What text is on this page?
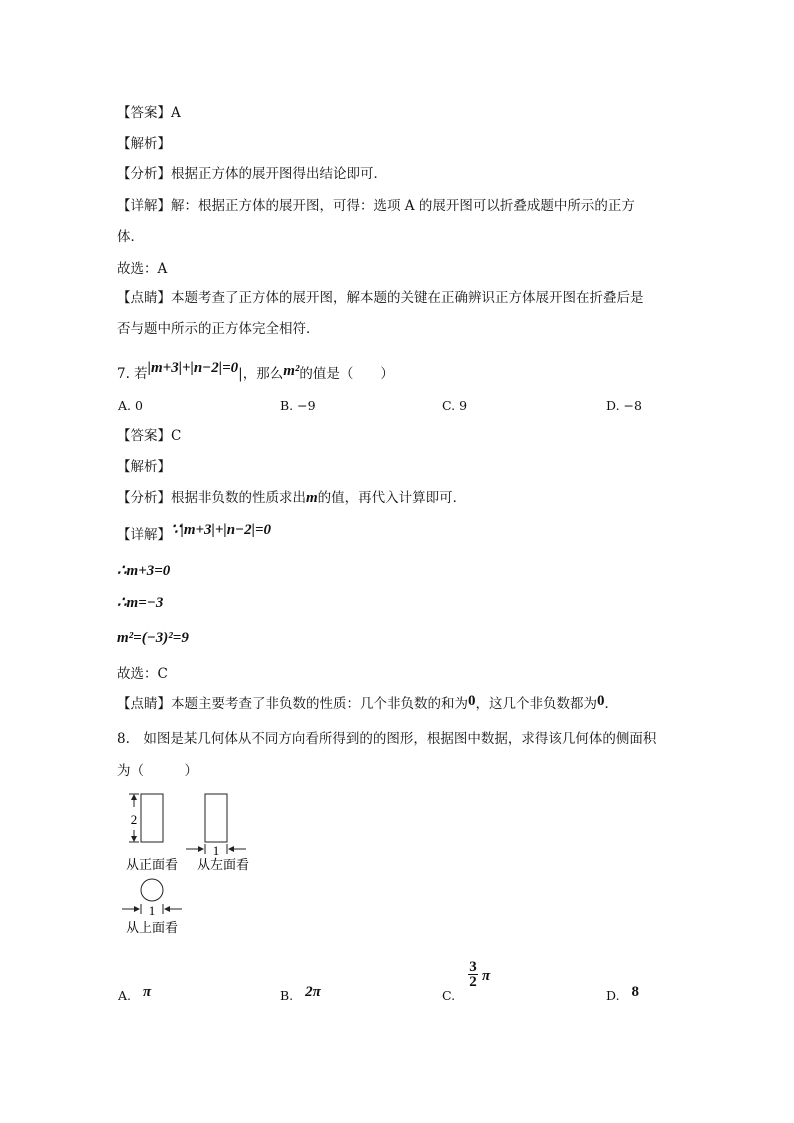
【答案】A
【解析】
【分析】根据正方体的展开图得出结论即可．
【详解】解：根据正方体的展开图，可得：选项 A 的展开图可以折叠成题中所示的正方
体．
故选：A
【点睛】本题考查了正方体的展开图，解本题的关键在正确辨识正方体展开图在折叠后是
否与题中所示的正方体完全相符．
7. 若|m+3|+|n−2|=0|，那么m²的值是（　　）
A. 0	B. −9	C. 9	D. −8
【答案】C
【解析】
【分析】根据非负数的性质求出m的值，再代入计算即可．
【详解】∵|m+3|+|n−2|=0
∴m+3=0
∴m=−3
m²=(−3)²=9
故选：C
【点睛】本题主要考查了非负数的性质：几个非负数的和为0，这几个非负数都为0．
8.　如图是某几何体从不同方向看所得到的的图形，根据图中数据，求得该几何体的侧面积
为（　　　）
2
1
1
从正面看 从左面看
从上面看
A. π	B. 2π	C.
3
2 π
D. 8
